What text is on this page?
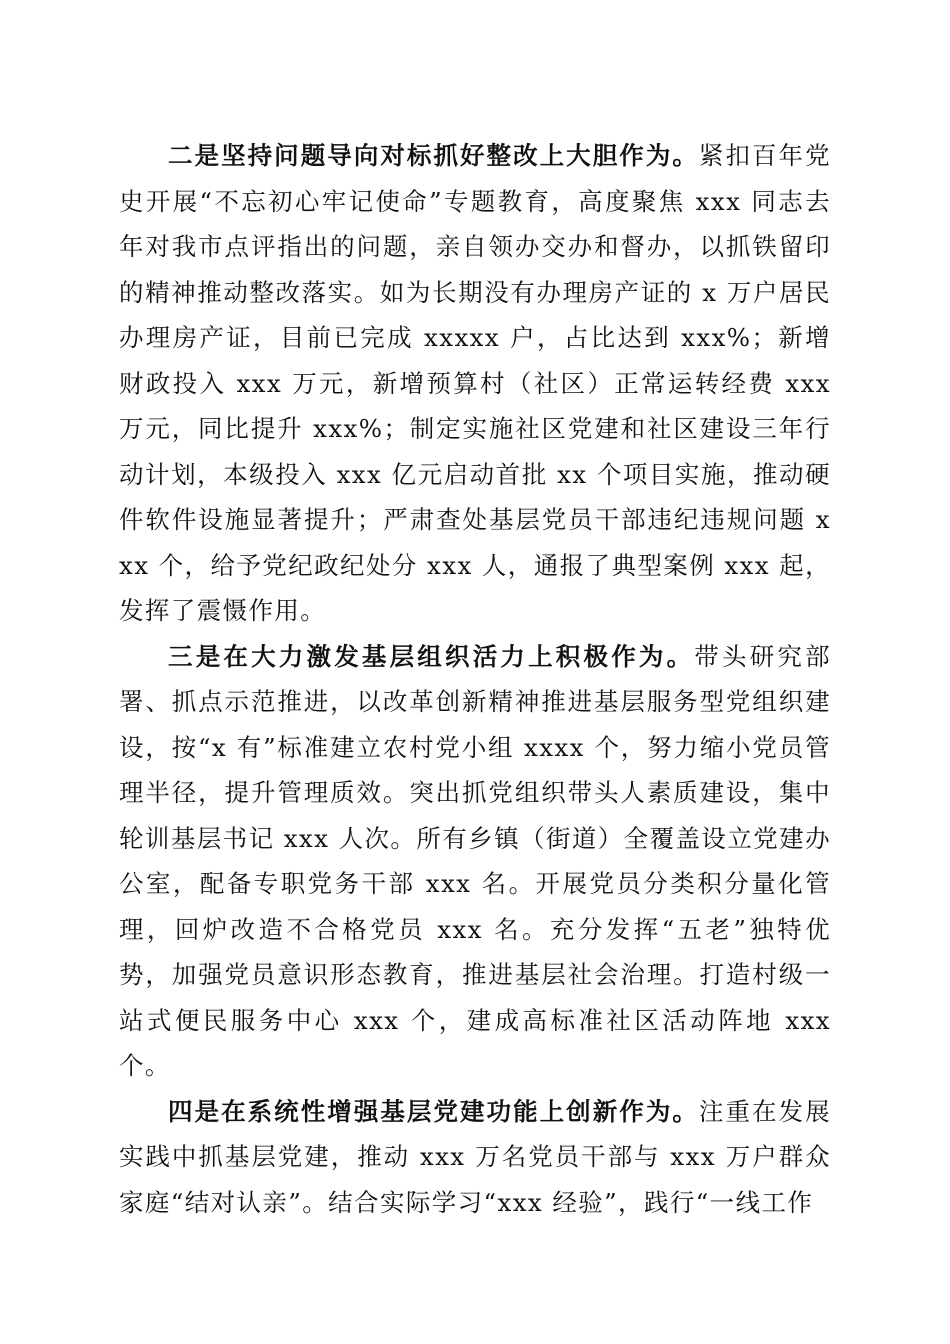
二是坚持问题导向对标抓好整改上大胆作为。紧扣百年党史开展“不忘初心牢记使命”专题教育，高度聚焦 xxx 同志去年对我市点评指出的问题，亲自领办交办和督办，以抓铁留印的精神推动整改落实。如为长期没有办理房产证的 x 万户居民办理房产证，目前已完成 xxxxx 户，占比达到 xxx%；新增财政投入 xxx 万元，新增预算村（社区）正常运转经费 xxx 万元，同比提升 xxx%；制定实施社区党建和社区建设三年行动计划，本级投入 xxx 亿元启动首批 xx 个项目实施，推动硬件软件设施显著提升；严肃查处基层党员干部违纪违规问题 xxx 个，给予党纪政纪处分 xxx 人，通报了典型案例 xxx 起，发挥了震慑作用。

三是在大力激发基层组织活力上积极作为。带头研究部署、抓点示范推进，以改革创新精神推进基层服务型党组织建设，按“x 有”标准建立农村党小组 xxxx 个，努力缩小党员管理半径，提升管理质效。突出抓党组织带头人素质建设，集中轮训基层书记 xxx 人次。所有乡镇（街道）全覆盖设立党建办公室，配备专职党务干部 xxx 名。开展党员分类积分量化管理，回炉改造不合格党员 xxx 名。充分发挥“五老”独特优势，加强党员意识形态教育，推进基层社会治理。打造村级一站式便民服务中心 xxx 个，建成高标准社区活动阵地 xxx 个。

四是在系统性增强基层党建功能上创新作为。注重在发展实践中抓基层党建，推动 xxx 万名党员干部与 xxx 万户群众家庭“结对认亲”。结合实际学习“xxx 经验”，践行“一线工作
